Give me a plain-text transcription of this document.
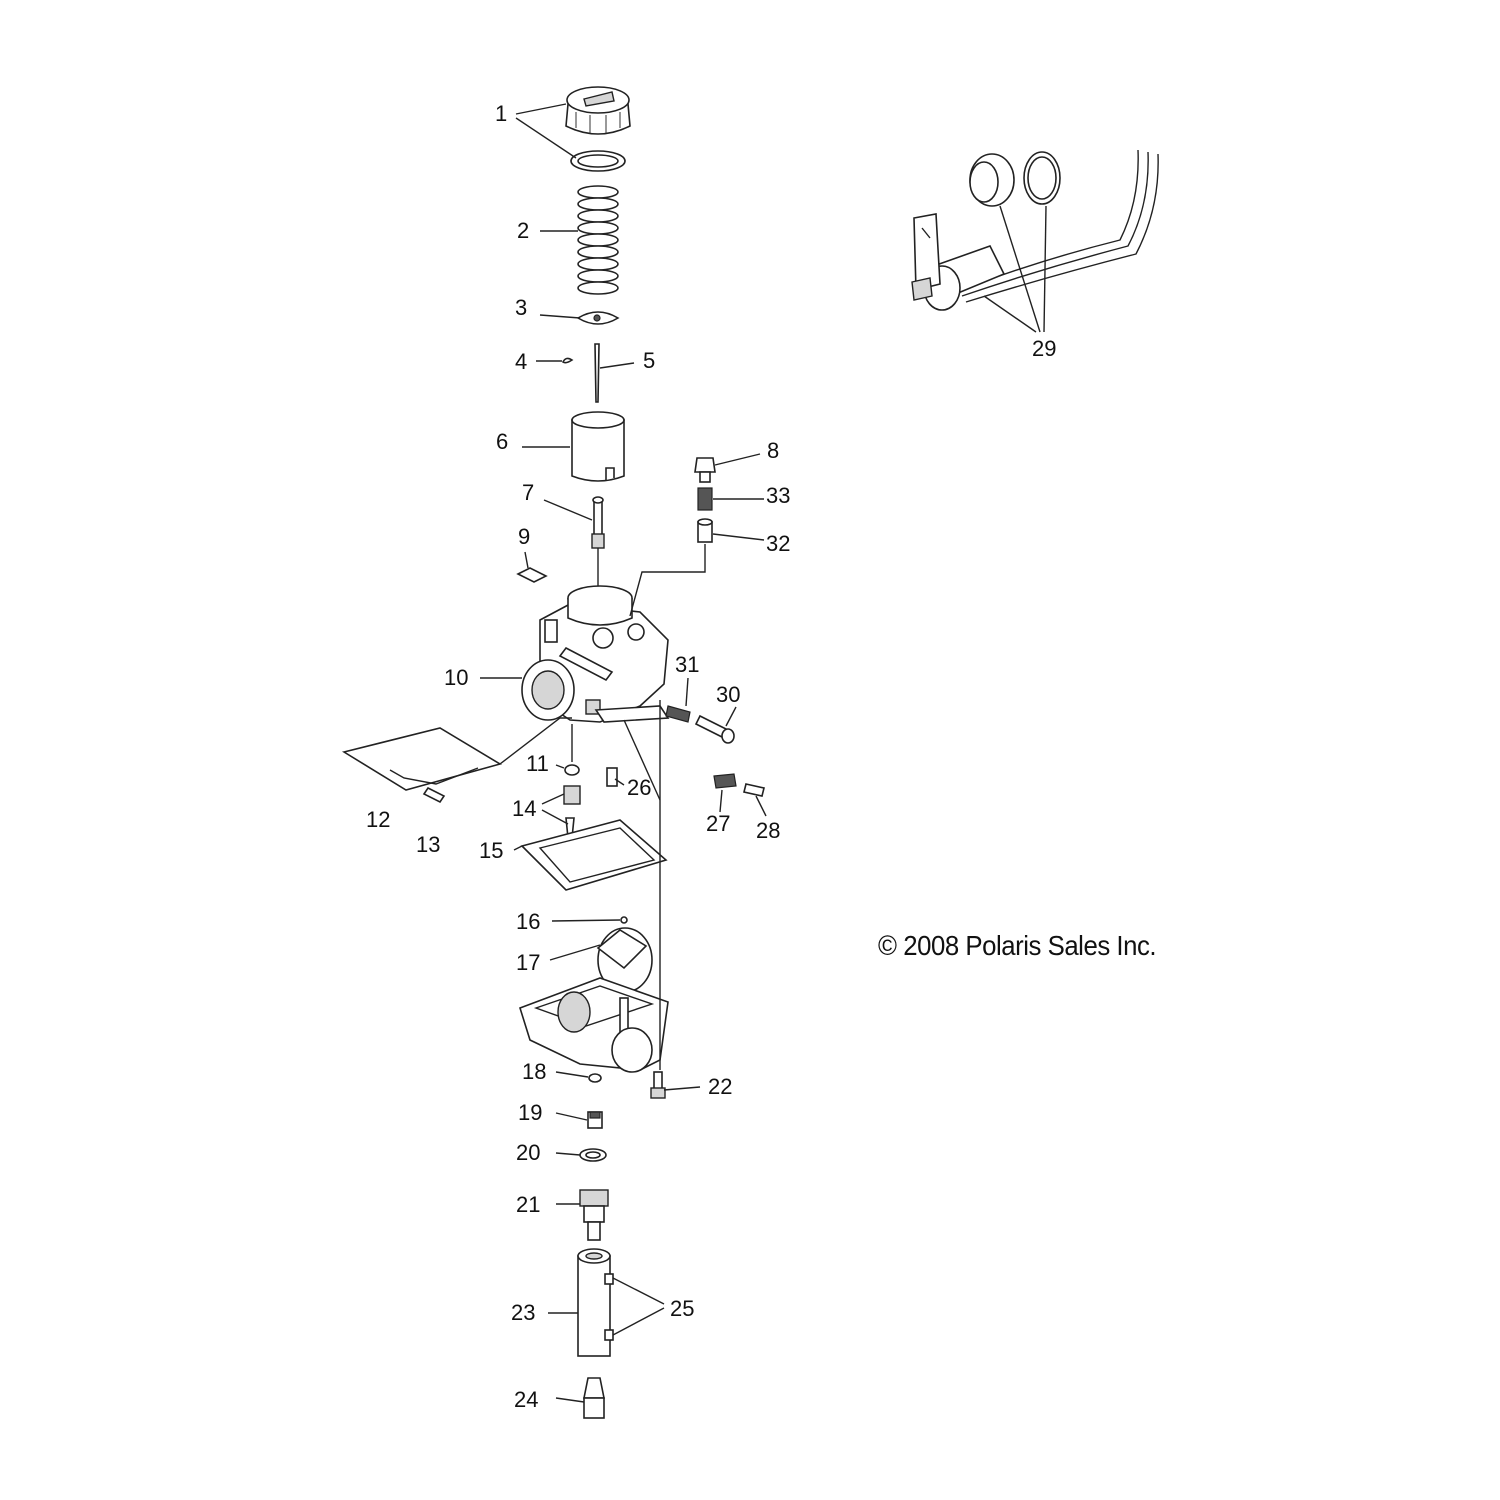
1
2
3
4	5
6
7
8
9
10
11
12
13
14
15
16
17
18
19
20
21
22
23
24
25
26
27 28
29
30
31
32
33
© 2008 Polaris Sales Inc.
